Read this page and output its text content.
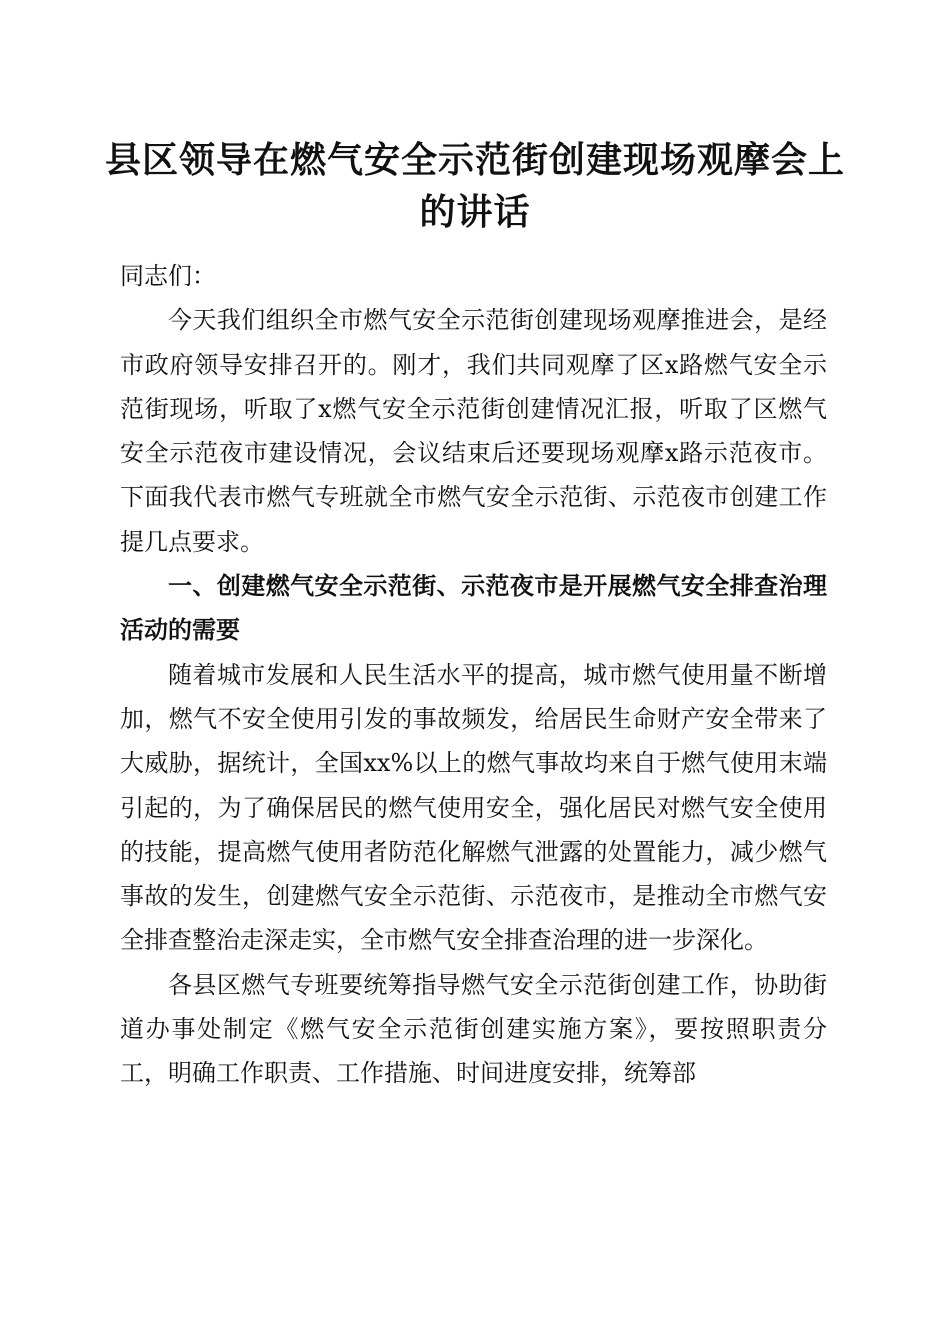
县区领导在燃气安全示范街创建现场观摩会上的讲话

同志们：

今天我们组织全市燃气安全示范街创建现场观摩推进会，是经市政府领导安排召开的。刚才，我们共同观摩了区x路燃气安全示范街现场，听取了x燃气安全示范街创建情况汇报，听取了区燃气安全示范夜市建设情况，会议结束后还要现场观摩x路示范夜市。下面我代表市燃气专班就全市燃气安全示范街、示范夜市创建工作提几点要求。

一、创建燃气安全示范街、示范夜市是开展燃气安全排查治理活动的需要

随着城市发展和人民生活水平的提高，城市燃气使用量不断增加，燃气不安全使用引发的事故频发，给居民生命财产安全带来了大威胁，据统计，全国xx%以上的燃气事故均来自于燃气使用末端引起的，为了确保居民的燃气使用安全，强化居民对燃气安全使用的技能，提高燃气使用者防范化解燃气泄露的处置能力，减少燃气事故的发生，创建燃气安全示范街、示范夜市，是推动全市燃气安全排查整治走深走实，全市燃气安全排查治理的进一步深化。

各县区燃气专班要统筹指导燃气安全示范街创建工作，协助街道办事处制定《燃气安全示范街创建实施方案》，要按照职责分工，明确工作职责、工作措施、时间进度安排，统筹部
